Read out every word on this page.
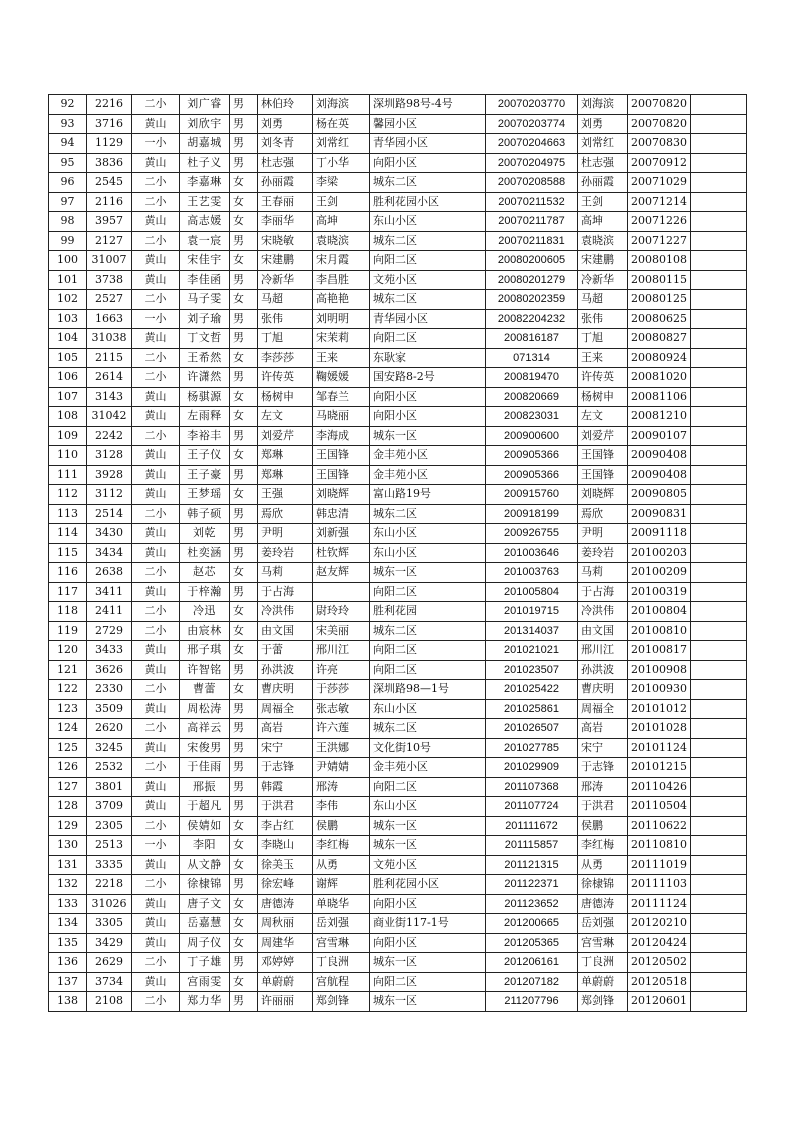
92	2216	二小	刘广睿	男	林伯玲	刘海滨	深圳路98号-4号	20070203770	刘海滨	20070820	
93	3716	黄山	刘欣宇	男	刘勇	杨在英	馨园小区	20070203774	刘勇	20070820	
94	1129	一小	胡嘉城	男	刘冬青	刘常红	青华园小区	20070204663	刘常红	20070830	
95	3836	黄山	杜子义	男	杜志强	丁小华	向阳小区	20070204975	杜志强	20070912	
96	2545	二小	李嘉琳	女	孙丽霞	李梁	城东二区	20070208588	孙丽霞	20071029	
97	2116	二小	王艺雯	女	王春丽	王剑	胜利花园小区	20070211532	王剑	20071214	
98	3957	黄山	高志媛	女	李丽华	高坤	东山小区	20070211787	高坤	20071226	
99	2127	二小	袁一宸	男	宋晓敏	袁晓滨	城东二区	20070211831	袁晓滨	20071227	
100	31007	黄山	宋佳宇	女	宋建鹏	宋月霞	向阳二区	20080200605	宋建鹏	20080108	
101	3738	黄山	李佳函	男	冷新华	李昌胜	文苑小区	20080201279	冷新华	20080115	
102	2527	二小	马子雯	女	马超	高艳艳	城东二区	20080202359	马超	20080125	
103	1663	一小	刘子瑜	男	张伟	刘明明	青华园小区	20082204232	张伟	20080625	
104	31038	黄山	丁文哲	男	丁旭	宋茉莉	向阳二区	200816187	丁旭	20080827	
105	2115	二小	王希然	女	李莎莎	王来	东耿家	071314	王来	20080924	
106	2614	二小	许潇然	男	许传英	鞠媛媛	国安路8-2号	200819470	许传英	20081020	
107	3143	黄山	杨骐源	女	杨树申	邹春兰	向阳小区	200820669	杨树申	20081106	
108	31042	黄山	左雨释	女	左文	马晓丽	向阳小区	200823031	左文	20081210	
109	2242	二小	李裕丰	男	刘爱芹	李海成	城东一区	200900600	刘爱芹	20090107	
110	3128	黄山	王子仪	女	郑琳	王国锋	金丰苑小区	200905366	王国锋	20090408	
111	3928	黄山	王子豪	男	郑琳	王国锋	金丰苑小区	200905366	王国锋	20090408	
112	3112	黄山	王梦瑶	女	王强	刘晓辉	富山路19号	200915760	刘晓辉	20090805	
113	2514	二小	韩子硕	男	焉欣	韩忠清	城东二区	200918199	焉欣	20090831	
114	3430	黄山	刘乾	男	尹明	刘新强	东山小区	200926755	尹明	20091118	
115	3434	黄山	杜奕涵	男	姜玲岩	杜钦辉	东山小区	201003646	姜玲岩	20100203	
116	2638	二小	赵芯	女	马莉	赵友辉	城东一区	201003763	马莉	20100209	
117	3411	黄山	于梓瀚	男	于占海		向阳二区	201005804	于占海	20100319	
118	2411	二小	冷迅	女	冷洪伟	尉玲玲	胜利花园	201019715	冷洪伟	20100804	
119	2729	二小	由宸林	女	由文国	宋美丽	城东二区	201314037	由文国	20100810	
120	3433	黄山	邢子琪	女	于蕾	邢川江	向阳二区	201021021	邢川江	20100817	
121	3626	黄山	许智铭	男	孙洪波	许亮	向阳二区	201023507	孙洪波	20100908	
122	2330	二小	曹蕾	女	曹庆明	于莎莎	深圳路98—1号	201025422	曹庆明	20100930	
123	3509	黄山	周松涛	男	周福全	张志敏	东山小区	201025861	周福全	20101012	
124	2620	二小	高祥云	男	高岩	许六莲	城东二区	201026507	高岩	20101028	
125	3245	黄山	宋俊男	男	宋宁	王洪娜	文化街10号	201027785	宋宁	20101124	
126	2532	二小	于佳雨	男	于志锋	尹婧婧	金丰苑小区	201029909	于志锋	20101215	
127	3801	黄山	邢振	男	韩霞	邢涛	向阳二区	201107368	邢涛	20110426	
128	3709	黄山	于超凡	男	于洪君	李伟	东山小区	201107724	于洪君	20110504	
129	2305	二小	侯婧如	女	李占红	侯鹏	城东一区	201111672	侯鹏	20110622	
130	2513	一小	李阳	女	李晓山	李红梅	城东一区	201115857	李红梅	20110810	
131	3335	黄山	从文静	女	徐美玉	从勇	文苑小区	201121315	从勇	20111019	
132	2218	二小	徐棣锦	男	徐宏峰	谢辉	胜利花园小区	201122371	徐棣锦	20111103	
133	31026	黄山	唐子文	女	唐德涛	单晓华	向阳小区	201123652	唐德涛	20111124	
134	3305	黄山	岳嘉慧	女	周秋丽	岳刘强	商业街117-1号	201200665	岳刘强	20120210	
135	3429	黄山	周子仪	女	周建华	宫雪琳	向阳小区	201205365	宫雪琳	20120424	
136	2629	二小	丁子雄	男	邓婷婷	丁良洲	城东一区	201206161	丁良洲	20120502	
137	3734	黄山	宫雨雯	女	单蔚蔚	宫航程	向阳二区	201207182	单蔚蔚	20120518	
138	2108	二小	郑力华	男	许丽丽	郑剑锋	城东一区	211207796	郑剑锋	20120601	
